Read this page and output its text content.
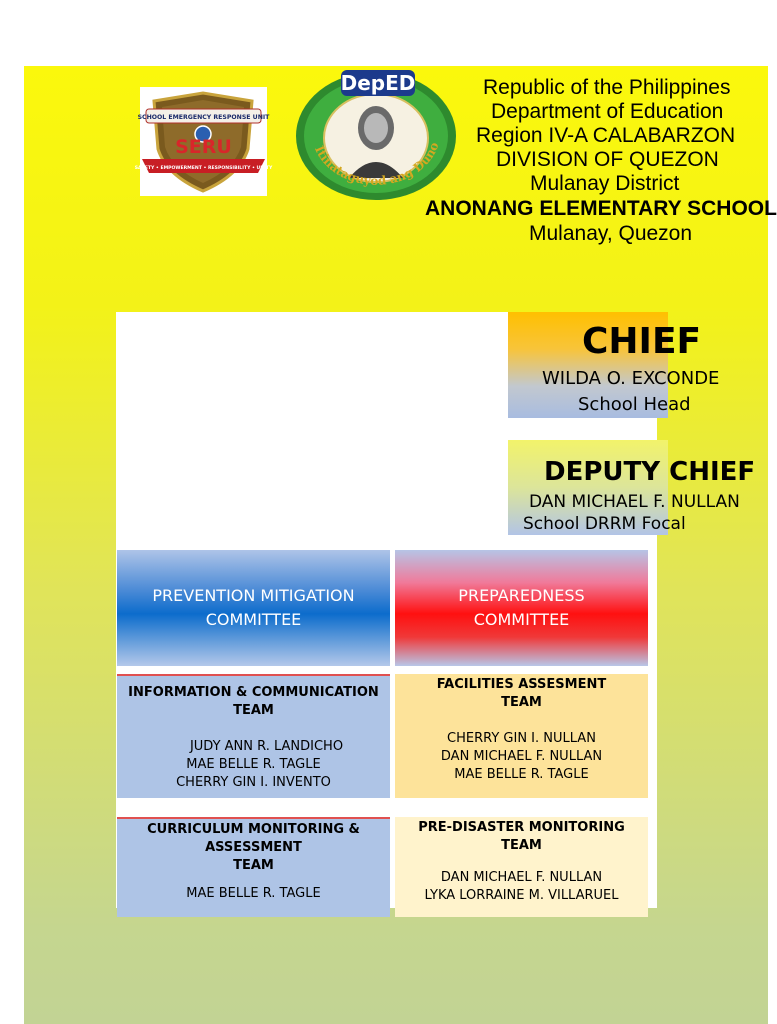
SCHOOL EMERGENCY RESPONSE UNIT
SERU
SAFETY • EMPOWERMENT • RESPONSIBILITY • UNITY
Itinataguyod ang Duno
DepED	Republic of the Philippines
Department of Education
Region IV-A CALABARZON
DIVISION OF QUEZON
Mulanay District
ANONANG ELEMENTARY SCHOOL
Mulanay, Quezon
CHIEF
WILDA O. EXCONDE
School Head
DEPUTY CHIEF
DAN MICHAEL F. NULLAN
School DRRM Focal
PREVENTION MITIGATION
COMMITTEE
PREPAREDNESS
COMMITTEE
INFORMATION & COMMUNICATION
TEAM
JUDY ANN R. LANDICHO
MAE BELLE R. TAGLE
CHERRY GIN I. INVENTO
FACILITIES ASSESMENT
TEAM
CHERRY GIN I. NULLAN
DAN MICHAEL F. NULLAN
MAE BELLE R. TAGLE
CURRICULUM MONITORING &
ASSESSMENT
TEAM
MAE BELLE R. TAGLE
PRE-DISASTER MONITORING
TEAM
DAN MICHAEL F. NULLAN
LYKA LORRAINE M. VILLARUEL
